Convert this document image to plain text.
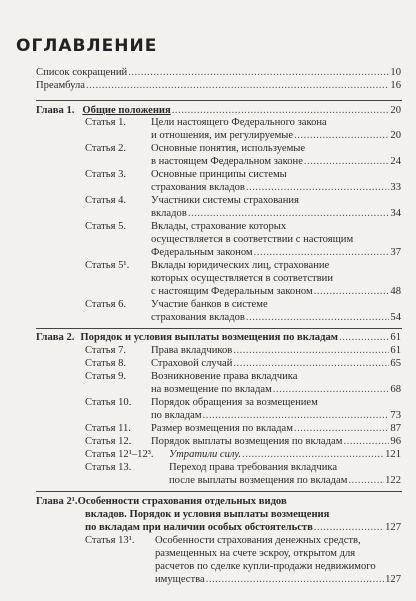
ОГЛАВЛЕНИЕ
Список сокращений .....	10
Преамбула .....	16
Глава 1. Общие положения .....	20
Статья 1. Цели настоящего Федерального закона
и отношения, им регулируемые .....	20
Статья 2. Основные понятия, используемые
в настоящем Федеральном законе .....	24
Статья 3. Основные принципы системы
страхования вкладов .....	33
Статья 4. Участники системы страхования
вкладов .....	34
Статья 5. Вклады, страхование которых
осуществляется в соответствии с настоящим
Федеральным законом .....	37
Статья 5¹. Вклады юридических лиц, страхование
которых осуществляется в соответствии
с настоящим Федеральным законом .....	48
Статья 6. Участие банков в системе
страхования вкладов .....	54
Глава 2. Порядок и условия выплаты возмещения по вкладам .....	61
Статья 7.	Права вкладчиков .....	61
Статья 8.	Страховой случай .....	65
Статья 9. Возникновение права вкладчика
на возмещение по вкладам .....	68
Статья 10. Порядок обращения за возмещением
по вкладам .....	73
Статья 11.	Размер возмещения по вкладам .....	87
Статья 12.	Порядок выплаты возмещения по вкладам .....	96
Статья 12¹–12³.	Утратили силу. .....	121
Статья 13.	Переход права требования вкладчика
после выплаты возмещения по вкладам .....	122
Глава 2¹.Особенности страхования отдельных видов
вкладов. Порядок и условия выплаты возмещения
по вкладам при наличии особых обстоятельств .....	127
Статья 13¹. Особенности страхования денежных средств,
размещенных на счете эскроу, открытом для
расчетов по сделке купли-продажи недвижимого
имущества .....	127
